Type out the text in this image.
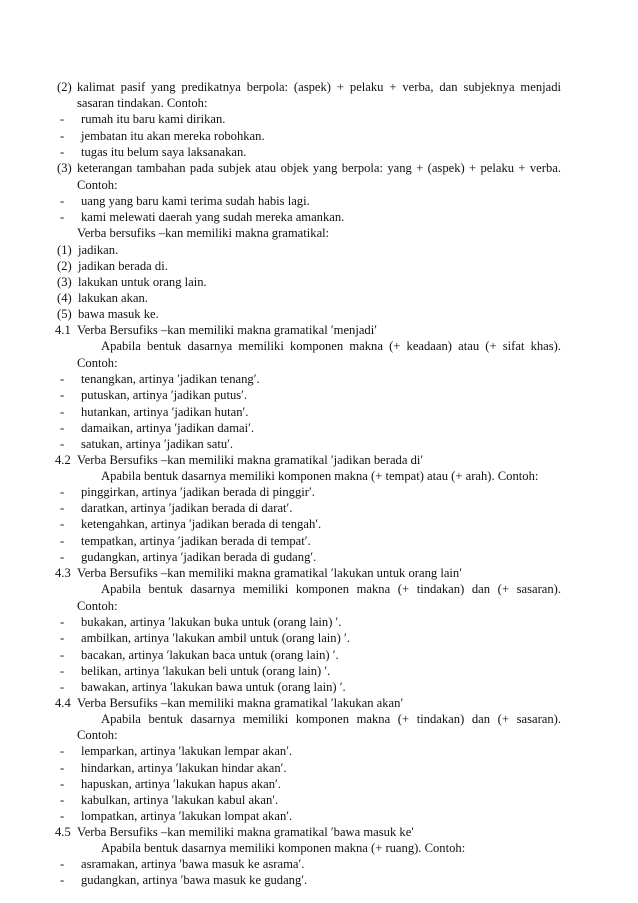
(2) kalimat pasif yang predikatnya berpola: (aspek) + pelaku + verba, dan subjeknya menjadi
sasaran tindakan. Contoh:
- rumah itu baru kami dirikan.
- jembatan itu akan mereka robohkan.
- tugas itu belum saya laksanakan.
(3) keterangan tambahan pada subjek atau objek yang berpola: yang + (aspek) + pelaku + verba.
Contoh:
- uang yang baru kami terima sudah habis lagi.
- kami melewati daerah yang sudah mereka amankan.
Verba bersufiks –kan memiliki makna gramatikal:
(1) jadikan.
(2) jadikan berada di.
(3) lakukan untuk orang lain.
(4) lakukan akan.
(5) bawa masuk ke.
4.1 Verba Bersufiks –kan memiliki makna gramatikal ′menjadi′
Apabila bentuk dasarnya memiliki komponen makna (+ keadaan) atau (+ sifat khas).
Contoh:
- tenangkan, artinya ′jadikan tenang′.
- putuskan, artinya ′jadikan putus′.
- hutankan, artinya ′jadikan hutan′.
- damaikan, artinya ′jadikan damai′.
- satukan, artinya ′jadikan satu′.
4.2 Verba Bersufiks –kan memiliki makna gramatikal ′jadikan berada di′
Apabila bentuk dasarnya memiliki komponen makna (+ tempat) atau (+ arah). Contoh:
- pinggirkan, artinya ′jadikan berada di pinggir′.
- daratkan, artinya ′jadikan berada di darat′.
- ketengahkan, artinya ′jadikan berada di tengah′.
- tempatkan, artinya ′jadikan berada di tempat′.
- gudangkan, artinya ′jadikan berada di gudang′.
4.3 Verba Bersufiks –kan memiliki makna gramatikal ′lakukan untuk orang lain′
Apabila bentuk dasarnya memiliki komponen makna (+ tindakan) dan (+ sasaran).
Contoh:
- bukakan, artinya ′lakukan buka untuk (orang lain) ′.
- ambilkan, artinya ′lakukan ambil untuk (orang lain) ′.
- bacakan, artinya ′lakukan baca untuk (orang lain) ′.
- belikan, artinya ′lakukan beli untuk (orang lain) ′.
- bawakan, artinya ′lakukan bawa untuk (orang lain) ′.
4.4 Verba Bersufiks –kan memiliki makna gramatikal ′lakukan akan′
Apabila bentuk dasarnya memiliki komponen makna (+ tindakan) dan (+ sasaran).
Contoh:
- lemparkan, artinya ′lakukan lempar akan′.
- hindarkan, artinya ′lakukan hindar akan′.
- hapuskan, artinya ′lakukan hapus akan′.
- kabulkan, artinya ′lakukan kabul akan′.
- lompatkan, artinya ′lakukan lompat akan′.
4.5 Verba Bersufiks –kan memiliki makna gramatikal ′bawa masuk ke′
Apabila bentuk dasarnya memiliki komponen makna (+ ruang). Contoh:
- asramakan, artinya ′bawa masuk ke asrama′.
- gudangkan, artinya ′bawa masuk ke gudang′.
